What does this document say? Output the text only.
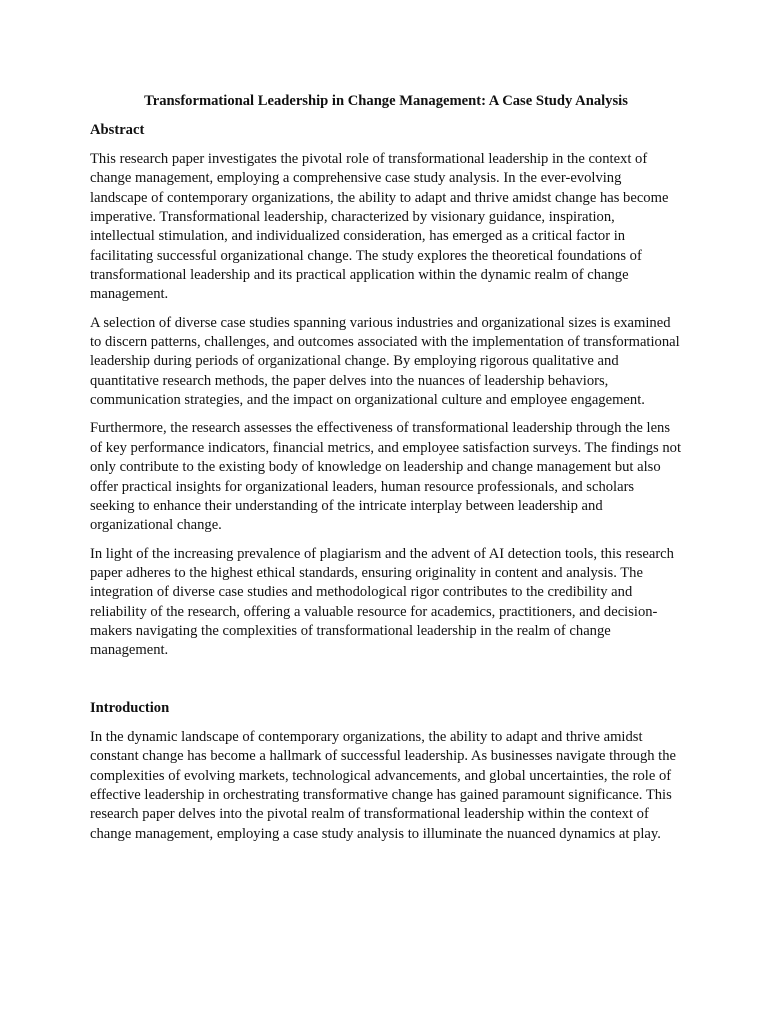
Transformational Leadership in Change Management: A Case Study Analysis
Abstract

This research paper investigates the pivotal role of transformational leadership in the context of change management, employing a comprehensive case study analysis. In the ever-evolving landscape of contemporary organizations, the ability to adapt and thrive amidst change has become imperative. Transformational leadership, characterized by visionary guidance, inspiration, intellectual stimulation, and individualized consideration, has emerged as a critical factor in facilitating successful organizational change. The study explores the theoretical foundations of transformational leadership and its practical application within the dynamic realm of change management.

A selection of diverse case studies spanning various industries and organizational sizes is examined to discern patterns, challenges, and outcomes associated with the implementation of transformational leadership during periods of organizational change. By employing rigorous qualitative and quantitative research methods, the paper delves into the nuances of leadership behaviors, communication strategies, and the impact on organizational culture and employee engagement.

Furthermore, the research assesses the effectiveness of transformational leadership through the lens of key performance indicators, financial metrics, and employee satisfaction surveys. The findings not only contribute to the existing body of knowledge on leadership and change management but also offer practical insights for organizational leaders, human resource professionals, and scholars seeking to enhance their understanding of the intricate interplay between leadership and organizational change.

In light of the increasing prevalence of plagiarism and the advent of AI detection tools, this research paper adheres to the highest ethical standards, ensuring originality in content and analysis. The integration of diverse case studies and methodological rigor contributes to the credibility and reliability of the research, offering a valuable resource for academics, practitioners, and decision-makers navigating the complexities of transformational leadership in the realm of change management.

Introduction

In the dynamic landscape of contemporary organizations, the ability to adapt and thrive amidst constant change has become a hallmark of successful leadership. As businesses navigate through the complexities of evolving markets, technological advancements, and global uncertainties, the role of effective leadership in orchestrating transformative change has gained paramount significance. This research paper delves into the pivotal realm of transformational leadership within the context of change management, employing a case study analysis to illuminate the nuanced dynamics at play.
